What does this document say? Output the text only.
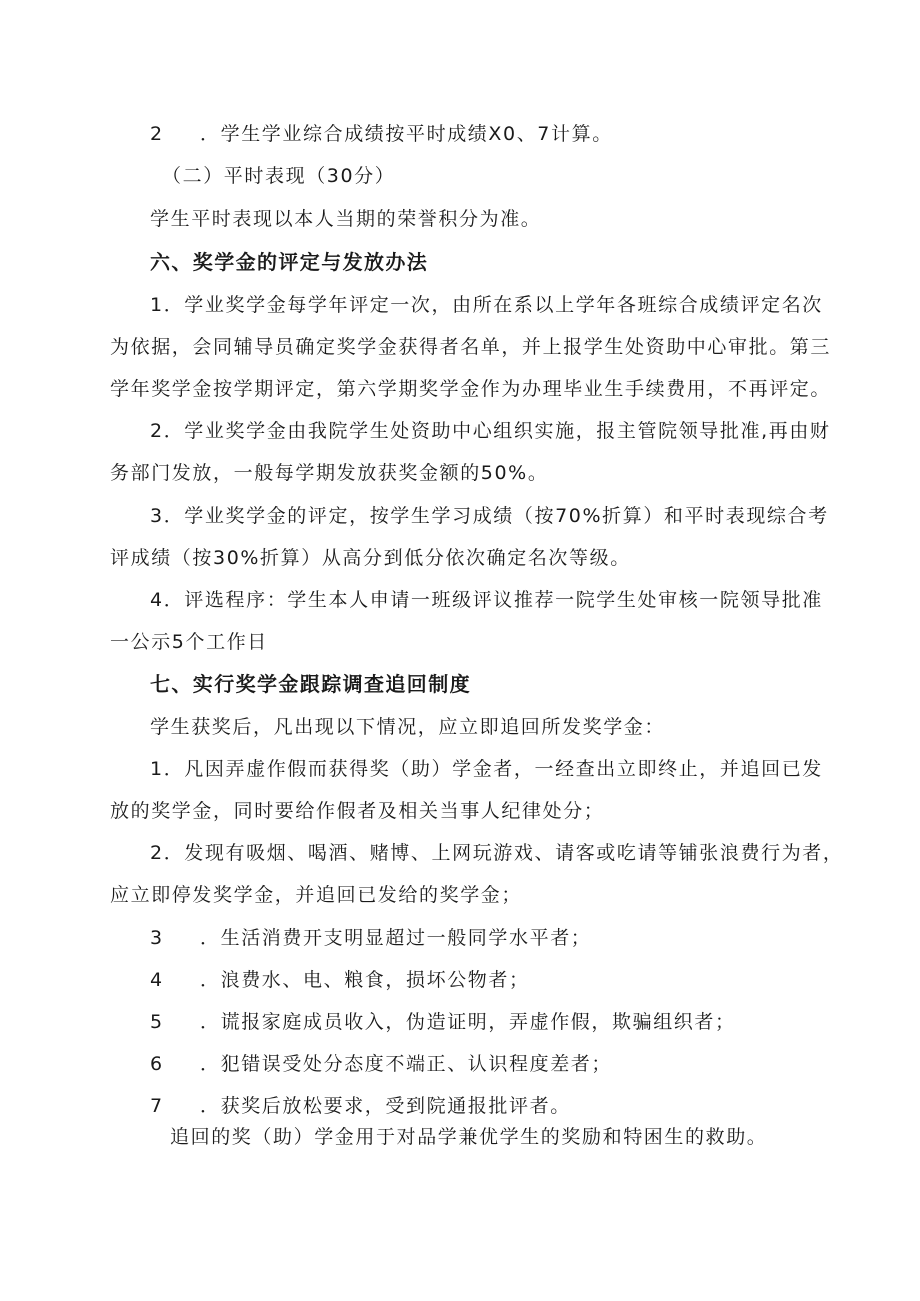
2 ．学生学业综合成绩按平时成绩X0、7计算。
（二）平时表现（30分）
学生平时表现以本人当期的荣誉积分为准。
六、奖学金的评定与发放办法
1．学业奖学金每学年评定一次，由所在系以上学年各班综合成绩评定名次
为依据，会同辅导员确定奖学金获得者名单，并上报学生处资助中心审批。第三
学年奖学金按学期评定，第六学期奖学金作为办理毕业生手续费用，不再评定。
2．学业奖学金由我院学生处资助中心组织实施，报主管院领导批准,再由财
务部门发放，一般每学期发放获奖金额的50%。
3．学业奖学金的评定，按学生学习成绩（按70%折算）和平时表现综合考
评成绩（按30%折算）从高分到低分依次确定名次等级。
4．评选程序：学生本人申请一班级评议推荐一院学生处审核一院领导批准
一公示5个工作日
七、实行奖学金跟踪调查追回制度
学生获奖后，凡出现以下情况，应立即追回所发奖学金：
1．凡因弄虚作假而获得奖（助）学金者，一经查出立即终止，并追回已发
放的奖学金，同时要给作假者及相关当事人纪律处分；
2．发现有吸烟、喝酒、赌博、上网玩游戏、请客或吃请等铺张浪费行为者，
应立即停发奖学金，并追回已发给的奖学金；
3 ．生活消费开支明显超过一般同学水平者；
4 ．浪费水、电、粮食，损坏公物者；
5 ．谎报家庭成员收入，伪造证明，弄虚作假，欺骗组织者；
6 ．犯错误受处分态度不端正、认识程度差者；
7 ．获奖后放松要求，受到院通报批评者。
追回的奖（助）学金用于对品学兼优学生的奖励和特困生的救助。
